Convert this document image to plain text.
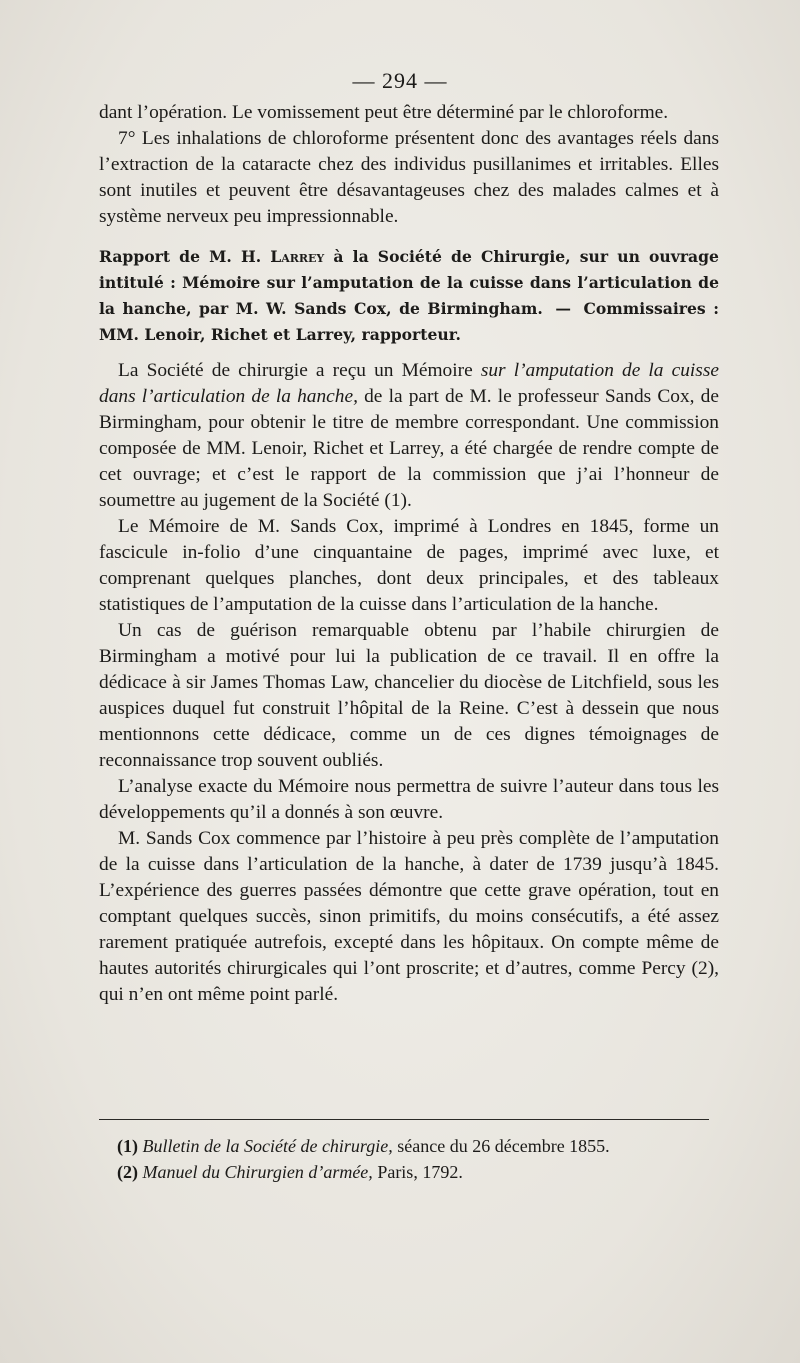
— 294 —

dant l’opération. Le vomissement peut être déterminé par le chloroforme.

7° Les inhalations de chloroforme présentent donc des avantages réels dans l’extraction de la cataracte chez des individus pusillanimes et irritables. Elles sont inutiles et peuvent être désavantageuses chez des malades calmes et à système nerveux peu impressionnable.

Rapport de M. H. Larrey à la Société de Chirurgie, sur un ouvrage intitulé : Mémoire sur l’amputation de la cuisse dans l’articulation de la hanche, par M. W. Sands Cox, de Birmingham. — Commissaires : MM. Lenoir, Richet et Larrey, rapporteur.

La Société de chirurgie a reçu un Mémoire sur l’amputation de la cuisse dans l’articulation de la hanche, de la part de M. le professeur Sands Cox, de Birmingham, pour obtenir le titre de membre correspondant. Une commission composée de MM. Lenoir, Richet et Larrey, a été chargée de rendre compte de cet ouvrage; et c’est le rapport de la commission que j’ai l’honneur de soumettre au jugement de la Société (1).

Le Mémoire de M. Sands Cox, imprimé à Londres en 1845, forme un fascicule in-folio d’une cinquantaine de pages, imprimé avec luxe, et comprenant quelques planches, dont deux principales, et des tableaux statistiques de l’amputation de la cuisse dans l’articulation de la hanche.

Un cas de guérison remarquable obtenu par l’habile chirurgien de Birmingham a motivé pour lui la publication de ce travail. Il en offre la dédicace à sir James Thomas Law, chancelier du diocèse de Litchfield, sous les auspices duquel fut construit l’hôpital de la Reine. C’est à dessein que nous mentionnons cette dédicace, comme un de ces dignes témoignages de reconnaissance trop souvent oubliés.

L’analyse exacte du Mémoire nous permettra de suivre l’auteur dans tous les développements qu’il a donnés à son œuvre.

M. Sands Cox commence par l’histoire à peu près complète de l’amputation de la cuisse dans l’articulation de la hanche, à dater de 1739 jusqu’à 1845. L’expérience des guerres passées démontre que cette grave opération, tout en comptant quelques succès, sinon primitifs, du moins consécutifs, a été assez rarement pratiquée autrefois, excepté dans les hôpitaux. On compte même de hautes autorités chirurgicales qui l’ont proscrite; et d’autres, comme Percy (2), qui n’en ont même point parlé.

(1) Bulletin de la Société de chirurgie, séance du 26 décembre 1855.
(2) Manuel du Chirurgien d’armée, Paris, 1792.
